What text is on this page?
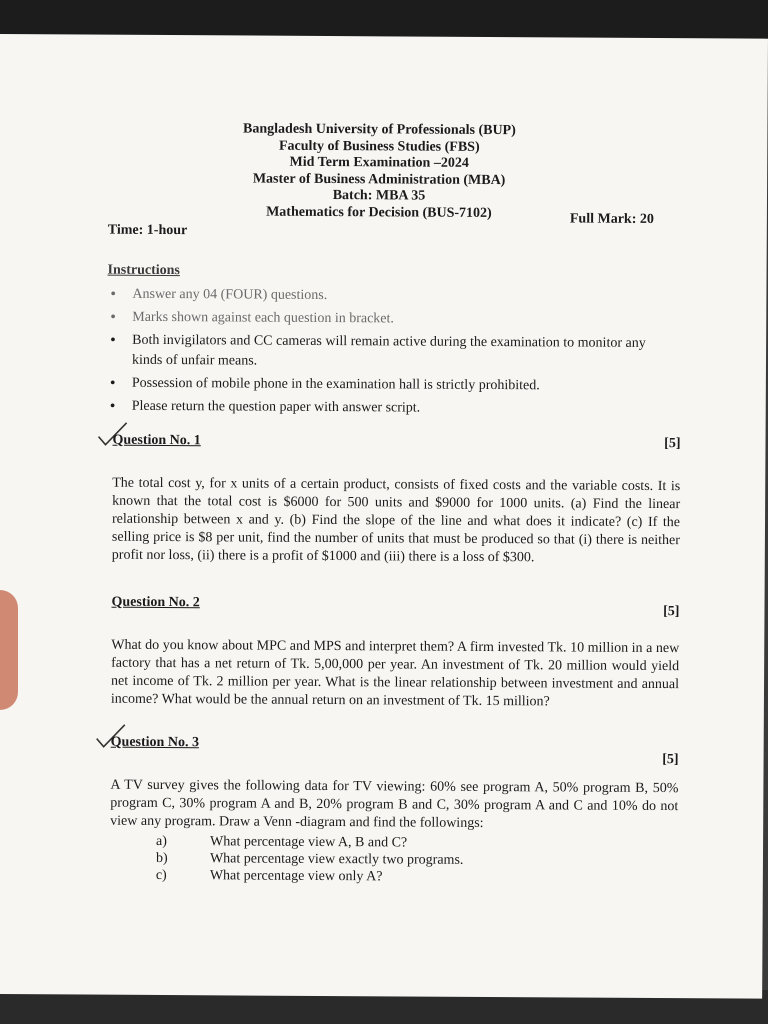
Bangladesh University of Professionals (BUP)
Faculty of Business Studies (FBS)
Mid Term Examination –2024
Master of Business Administration (MBA)
Batch: MBA 35
Mathematics for Decision (BUS-7102)
Time: 1-hour
Full Mark: 20
Instructions
• Answer any 04 (FOUR) questions.
• Marks shown against each question in bracket.
• Both invigilators and CC cameras will remain active during the examination to monitor any kinds of unfair means.
• Possession of mobile phone in the examination hall is strictly prohibited.
• Please return the question paper with answer script.
Question No. 1	[5]
The total cost y, for x units of a certain product, consists of fixed costs and the variable costs. It is known that the total cost is $6000 for 500 units and $9000 for 1000 units. (a) Find the linear relationship between x and y. (b) Find the slope of the line and what does it indicate? (c) If the selling price is $8 per unit, find the number of units that must be produced so that (i) there is neither profit nor loss, (ii) there is a profit of $1000 and (iii) there is a loss of $300.
Question No. 2
[5]
What do you know about MPC and MPS and interpret them? A firm invested Tk. 10 million in a new factory that has a net return of Tk. 5,00,000 per year. An investment of Tk. 20 million would yield net income of Tk. 2 million per year. What is the linear relationship between investment and annual income? What would be the annual return on an investment of Tk. 15 million?
Question No. 3
[5]
A TV survey gives the following data for TV viewing: 60% see program A, 50% program B, 50% program C, 30% program A and B, 20% program B and C, 30% program A and C and 10% do not view any program. Draw a Venn -diagram and find the followings:
a)	What percentage view A, B and C?
b)	What percentage view exactly two programs.
c)	What percentage view only A?
